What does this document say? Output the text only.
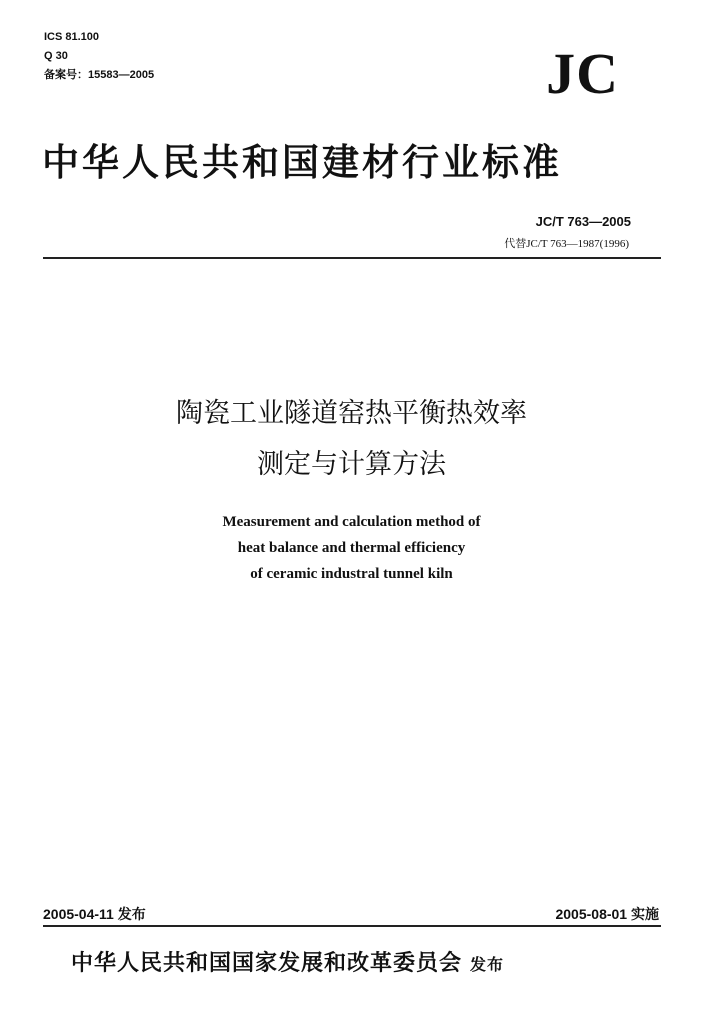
ICS 81.100
Q 30
备案号：15583—2005	JC
中华人民共和国建材行业标准
JC/T 763—2005
代替JC/T 763—1987(1996)
陶瓷工业隧道窑热平衡热效率
测定与计算方法
Measurement and calculation method of
heat balance and thermal efficiency
of ceramic industral tunnel kiln
2005-04-11 发布	2005-08-01 实施
中华人民共和国国家发展和改革委员会 发布
